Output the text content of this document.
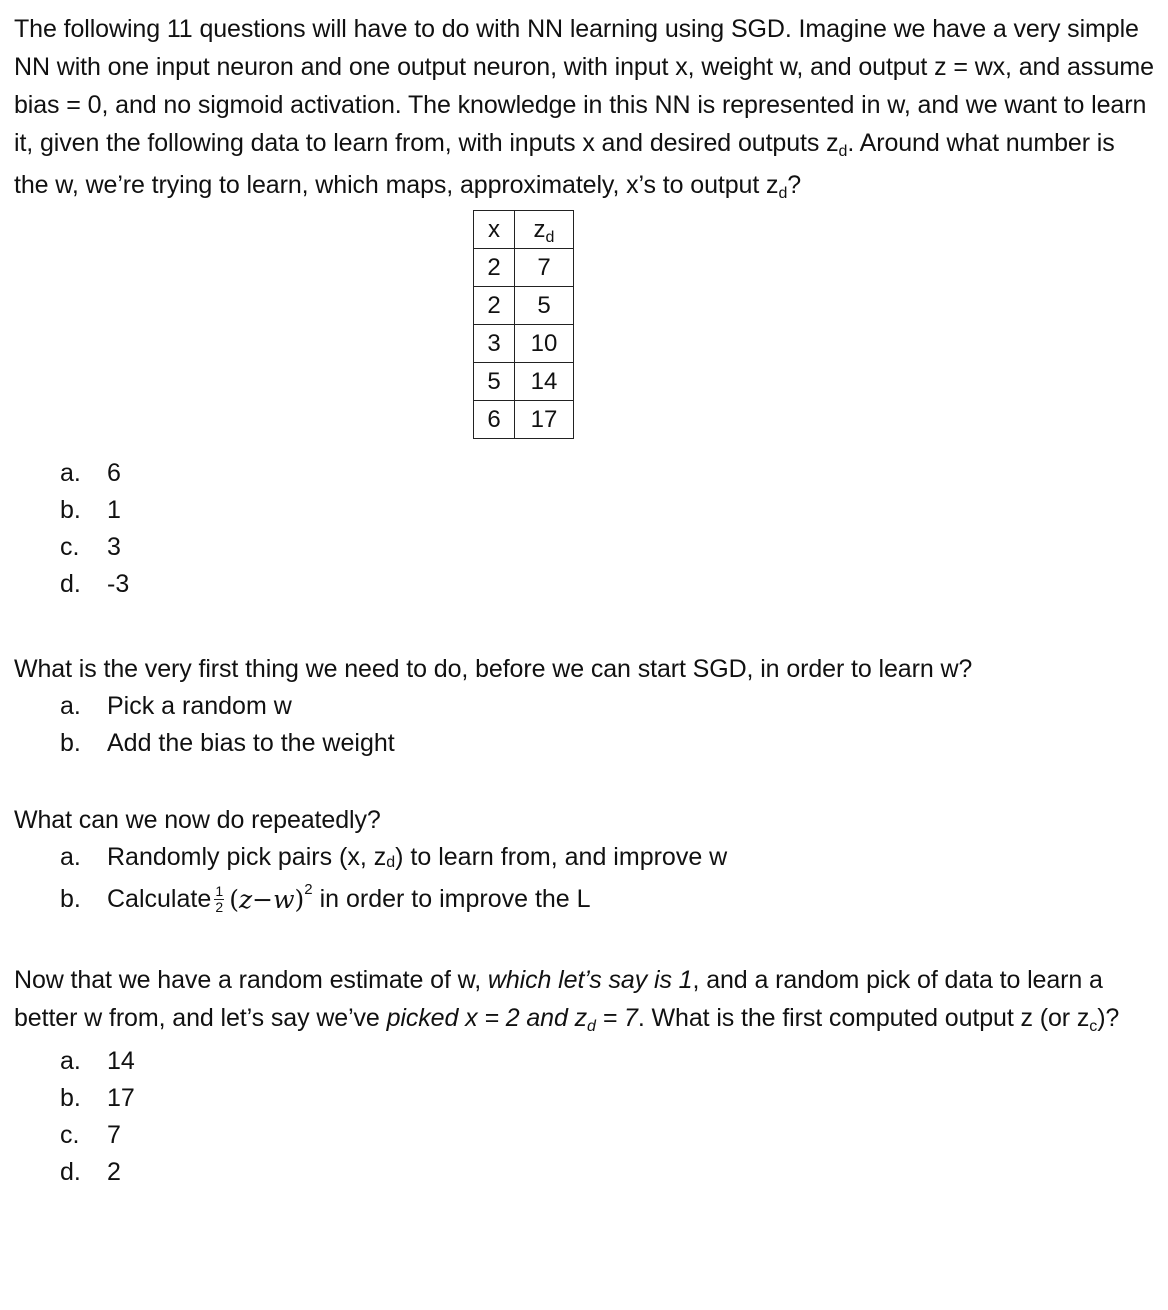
The following 11 questions will have to do with NN learning using SGD. Imagine we have a very simple NN with one input neuron and one output neuron, with input x, weight w, and output z = wx, and assume bias = 0, and no sigmoid activation. The knowledge in this NN is represented in w, and we want to learn it, given the following data to learn from, with inputs x and desired outputs $z_d$. Around what number is the w, we’re trying to learn, which maps, approximately, x’s to output $z_d$?

x	$z_d$
2	7
2	5
3	10
5	14
6	17
a.	6
b.	1
c.	3
d.	-3

What is the very first thing we need to do, before we can start SGD, in order to learn w?

a.	Pick a random w
b.	Add the bias to the weight

What can we now do repeatedly?

a.	Randomly pick pairs (x, z d ) to learn from, and improve w
b.	Calculate $\frac{1}{2}$ ( z − w ) 2 in order to improve the L

Now that we have a random estimate of w, which let’s say is 1, and a random pick of data to learn a better w from, and let’s say we’ve picked x = 2 and $z_d = 7$. What is the first computed output z (or $z_c$)?

a.	14
b.	17
c.	7
d.	2
